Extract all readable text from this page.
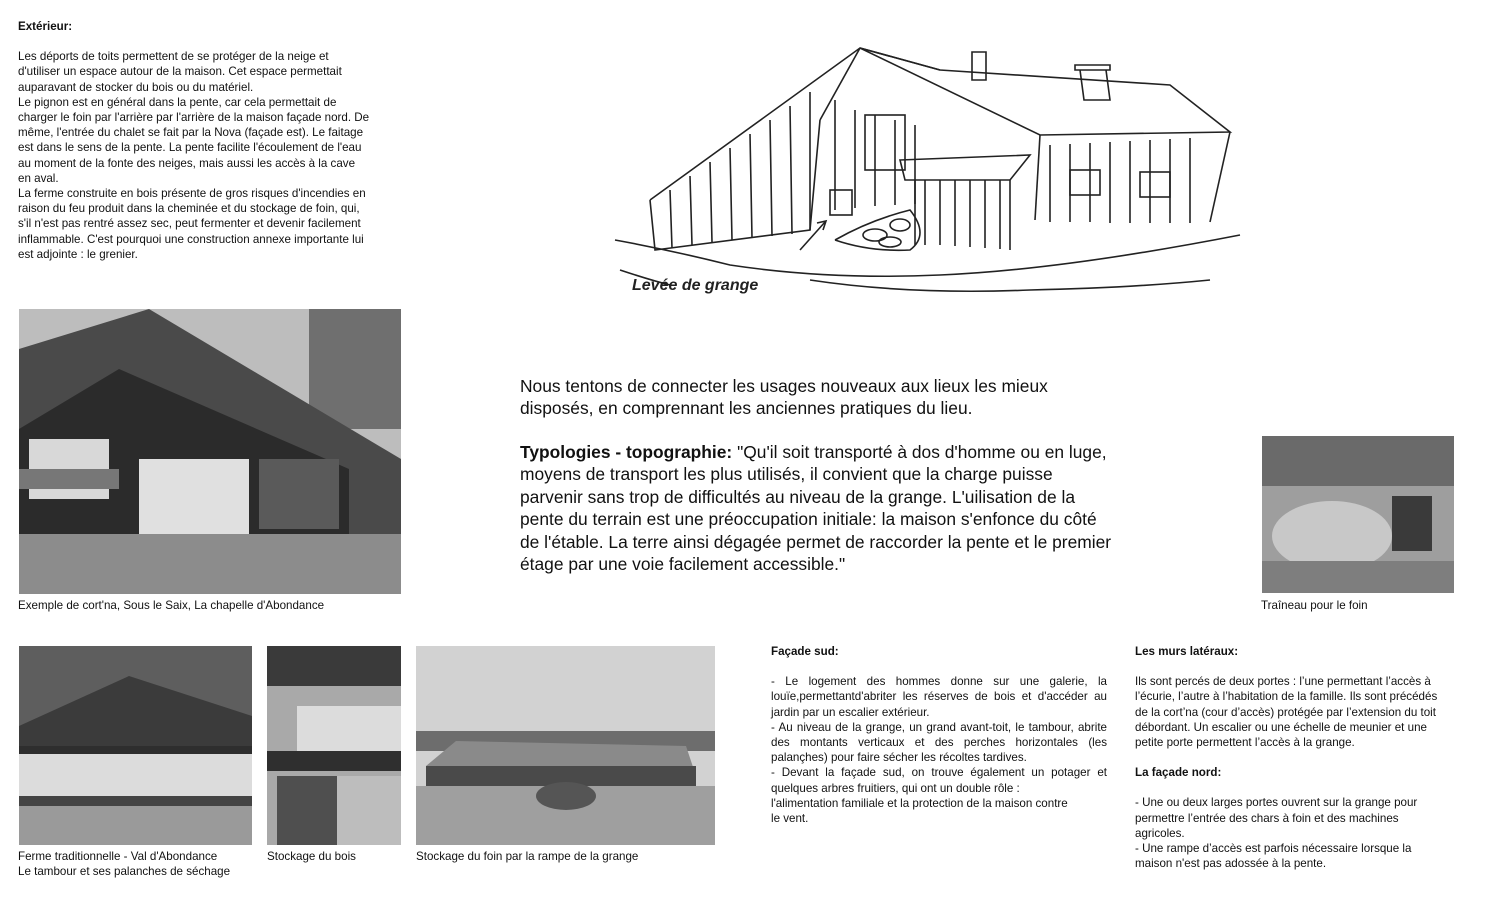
Extérieur:

Les déports de toits permettent de se protéger de la neige et

d'utiliser un espace autour de la maison. Cet espace permettait

auparavant de stocker du bois ou du matériel.

Le pignon est en général dans la pente, car cela permettait de

charger le foin par l'arrière par l'arrière de la maison façade nord. De

même, l'entrée du chalet se fait par la Nova (façade est). Le faitage

est dans le sens de la pente. La pente facilite l'écoulement de l'eau

au moment de la fonte des neiges, mais aussi les accès à la cave

en aval.

La ferme construite en bois présente de gros risques d'incendies en

raison du feu produit dans la cheminée et du stockage de foin, qui,

s'il n'est pas rentré assez sec, peut fermenter et devenir facilement

inflammable. C'est pourquoi une construction annexe importante lui

est adjointe : le grenier.

Levée de grange
Exemple de cort'na, Sous le Saix, La chapelle d'Abondance

Nous tentons de connecter les usages nouveaux aux lieux les mieux

disposés, en comprennant les anciennes pratiques du lieu.

Typologies - topographie: "Qu'il soit transporté à dos d'homme ou en luge,

moyens de transport les plus utilisés, il convient que la charge puisse

parvenir sans trop de difficultés au niveau de la grange. L'uilisation de la

pente du terrain est une préoccupation initiale: la maison s'enfonce du côté

de l'étable. La terre ainsi dégagée permet de raccorder la pente et le premier

étage par une voie facilement accessible."

Traîneau pour le foin
Ferme traditionnelle - Val d'Abondance
Le tambour et ses palanches de séchage
Stockage du bois	Stockage du foin par la rampe de la grange

Façade sud:

- Le logement des hommes donne sur une galerie, la louïe,permettantd'abriter les réserves de bois et d'accéder au jardin par un escalier extérieur.

- Au niveau de la grange, un grand avant-toit, le tambour, abrite des montants verticaux et des perches horizontales (les palançhes) pour faire sécher les récoltes tardives.

- Devant la façade sud, on trouve également un potager et quelques arbres fruitiers, qui ont un double rôle :

l'alimentation familiale et la protection de la maison contre

le vent.

Les murs latéraux:

Ils sont percés de deux portes : l’une permettant l’accès à

l’écurie, l’autre à l’habitation de la famille. Ils sont précédés

de la cort’na (cour d’accès) protégée par l’extension du toit

débordant. Un escalier ou une échelle de meunier et une

petite porte permettent l’accès à la grange.

La façade nord:

- Une ou deux larges portes ouvrent sur la grange pour

permettre l’entrée des chars à foin et des machines

agricoles.

- Une rampe d’accès est parfois nécessaire lorsque la

maison n'est pas adossée à la pente.
